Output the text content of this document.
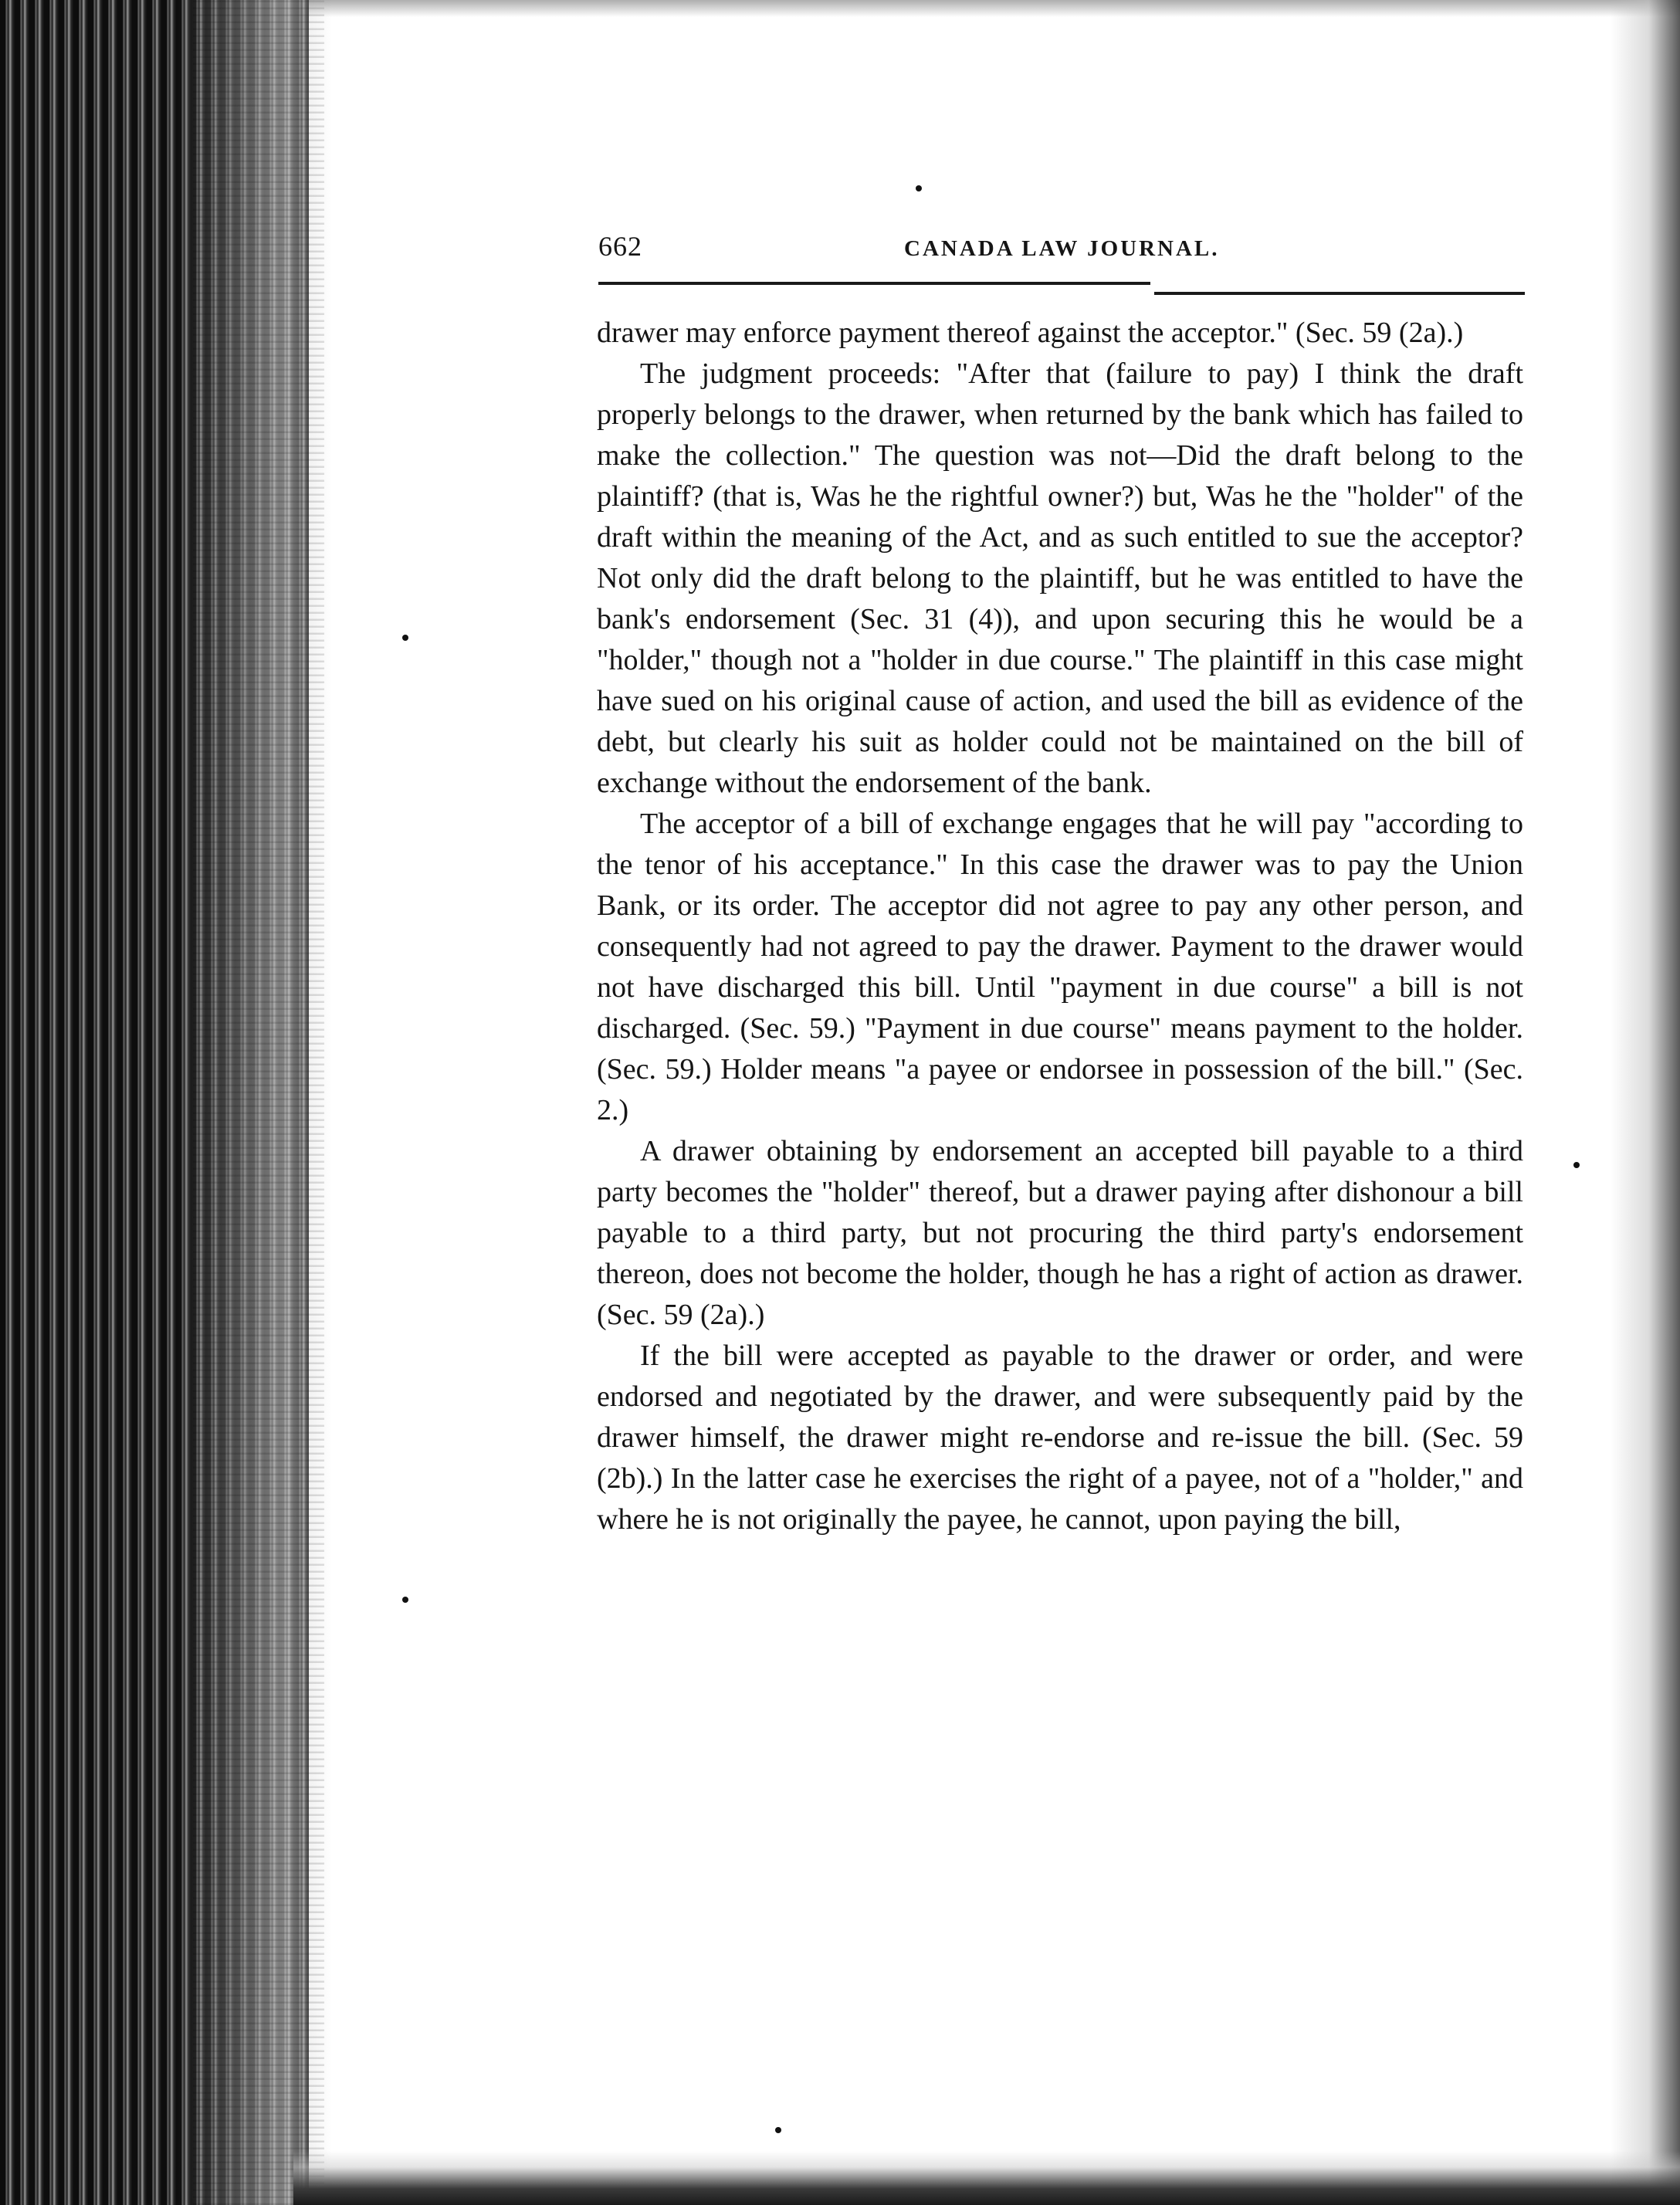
662	CANADA LAW JOURNAL.

drawer may enforce payment thereof against the acceptor." (Sec. 59 (2a).)

The judgment proceeds: "After that (failure to pay) I think the draft properly belongs to the drawer, when returned by the bank which has failed to make the collection." The question was not—Did the draft belong to the plaintiff? (that is, Was he the rightful owner?) but, Was he the "holder" of the draft within the meaning of the Act, and as such entitled to sue the acceptor? Not only did the draft belong to the plaintiff, but he was entitled to have the bank's endorsement (Sec. 31 (4)), and upon securing this he would be a "holder," though not a "holder in due course." The plaintiff in this case might have sued on his original cause of action, and used the bill as evidence of the debt, but clearly his suit as holder could not be maintained on the bill of exchange without the endorsement of the bank.

The acceptor of a bill of exchange engages that he will pay "according to the tenor of his acceptance." In this case the drawer was to pay the Union Bank, or its order. The acceptor did not agree to pay any other person, and consequently had not agreed to pay the drawer. Payment to the drawer would not have discharged this bill. Until "payment in due course" a bill is not discharged. (Sec. 59.) "Payment in due course" means payment to the holder. (Sec. 59.) Holder means "a payee or endorsee in possession of the bill." (Sec. 2.)

A drawer obtaining by endorsement an accepted bill payable to a third party becomes the "holder" thereof, but a drawer paying after dishonour a bill payable to a third party, but not procuring the third party's endorsement thereon, does not become the holder, though he has a right of action as drawer. (Sec. 59 (2a).)

If the bill were accepted as payable to the drawer or order, and were endorsed and negotiated by the drawer, and were subsequently paid by the drawer himself, the drawer might re-endorse and re-issue the bill. (Sec. 59 (2b).) In the latter case he exercises the right of a payee, not of a "holder," and where he is not originally the payee, he cannot, upon paying the bill,
